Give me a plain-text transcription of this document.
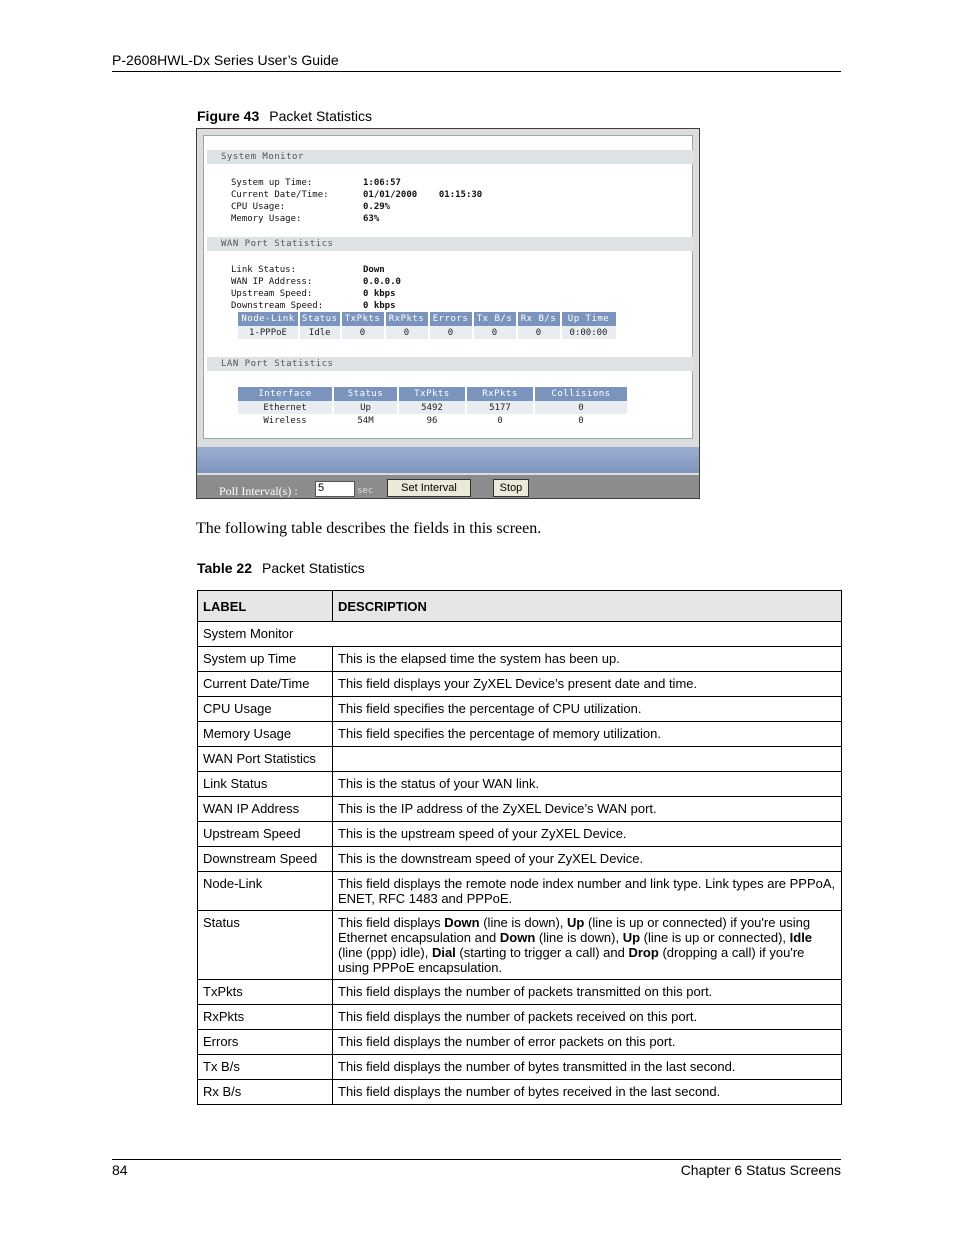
P-2608HWL-Dx Series User’s Guide
Figure 43 Packet Statistics
System Monitor
System up Time:	1:06:57
Current Date/Time:	01/01/2000    01:15:30
CPU Usage:	0.29%
Memory Usage:	63%
WAN Port Statistics
Link Status:	Down
WAN IP Address:	0.0.0.0
Upstream Speed:	0 kbps
Downstream Speed:	0 kbps
Node-Link	Status	TxPkts	RxPkts	Errors	Tx B/s	Rx B/s	Up Time
1-PPPoE	Idle	0	0	0	0	0	0:00:00
LAN Port Statistics
Interface	Status	TxPkts	RxPkts	Collisions
Ethernet	Up	5492	5177	0
Wireless	54M	96	0	0
Poll Interval(s) : 5	sec	Set Interval	Stop
The following table describes the fields in this screen.
Table 22 Packet Statistics
LABEL	DESCRIPTION
System Monitor	
System up Time	This is the elapsed time the system has been up.
Current Date/Time	This field displays your ZyXEL Device’s present date and time.
CPU Usage	This field specifies the percentage of CPU utilization.
Memory Usage	This field specifies the percentage of memory utilization.
WAN Port Statistics	
Link Status	This is the status of your WAN link.
WAN IP Address	This is the IP address of the ZyXEL Device’s WAN port.
Upstream Speed	This is the upstream speed of your ZyXEL Device.
Downstream Speed	This is the downstream speed of your ZyXEL Device.
Node-Link	This field displays the remote node index number and link type. Link types are PPPoA, ENET, RFC 1483 and PPPoE.
Status	This field displays Down (line is down), Up (line is up or connected) if you're using Ethernet encapsulation and Down (line is down), Up (line is up or connected), Idle (line (ppp) idle), Dial (starting to trigger a call) and Drop (dropping a call) if you're using PPPoE encapsulation.
TxPkts	This field displays the number of packets transmitted on this port.
RxPkts	This field displays the number of packets received on this port.
Errors	This field displays the number of error packets on this port.
Tx B/s	This field displays the number of bytes transmitted in the last second.
Rx B/s	This field displays the number of bytes received in the last second.
84	Chapter 6 Status Screens
